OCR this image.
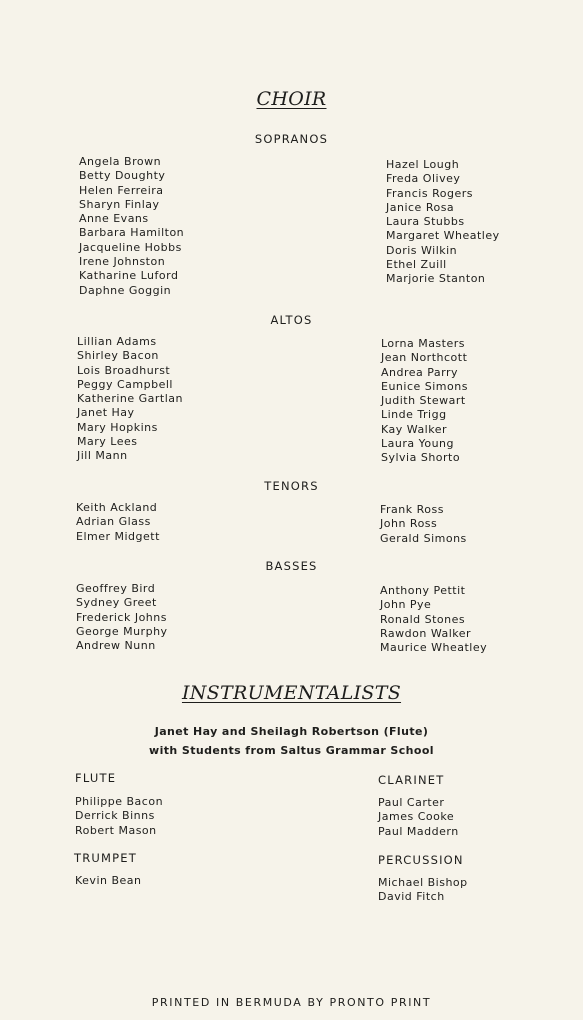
CHOIR
SOPRANOS
Angela Brown
Betty Doughty
Helen Ferreira
Sharyn Finlay
Anne Evans
Barbara Hamilton
Jacqueline Hobbs
Irene Johnston
Katharine Luford
Daphne Goggin
Hazel Lough
Freda Olivey
Francis Rogers
Janice Rosa
Laura Stubbs
Margaret Wheatley
Doris Wilkin
Ethel Zuill
Marjorie Stanton
ALTOS
Lillian Adams
Shirley Bacon
Lois Broadhurst
Peggy Campbell
Katherine Gartlan
Janet Hay
Mary Hopkins
Mary Lees
Jill Mann
Lorna Masters
Jean Northcott
Andrea Parry
Eunice Simons
Judith Stewart
Linde Trigg
Kay Walker
Laura Young
Sylvia Shorto
TENORS
Keith Ackland
Adrian Glass
Elmer Midgett
Frank Ross
John Ross
Gerald Simons
BASSES
Geoffrey Bird
Sydney Greet
Frederick Johns
George Murphy
Andrew Nunn
Anthony Pettit
John Pye
Ronald Stones
Rawdon Walker
Maurice Wheatley
INSTRUMENTALISTS
Janet Hay and Sheilagh Robertson (Flute)
with Students from Saltus Grammar School
FLUTE
Philippe Bacon
Derrick Binns
Robert Mason
CLARINET
Paul Carter
James Cooke
Paul Maddern
TRUMPET
Kevin Bean
PERCUSSION
Michael Bishop
David Fitch
PRINTED IN BERMUDA BY PRONTO PRINT
